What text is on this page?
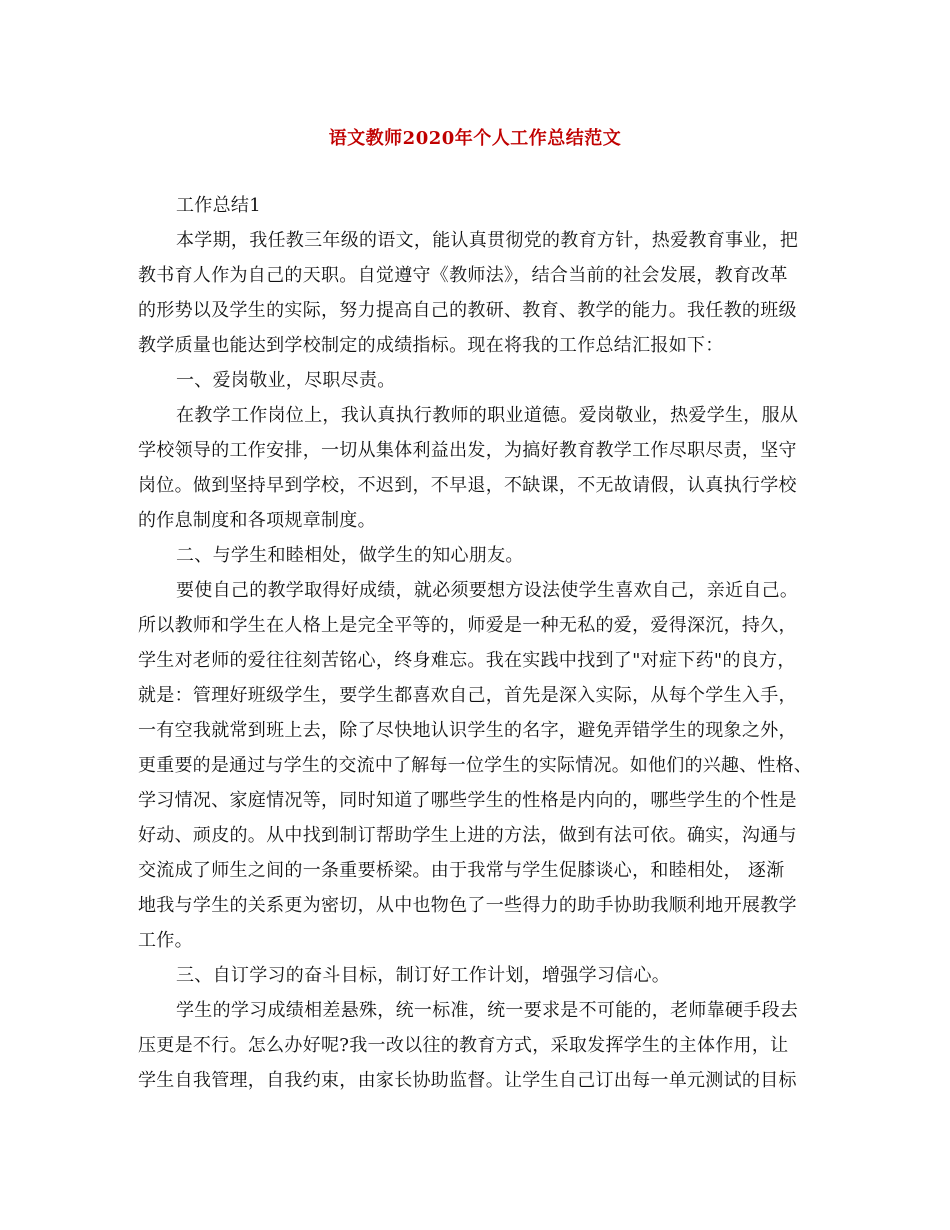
语文教师2020年个人工作总结范文
工作总结1
本学期，我任教三年级的语文，能认真贯彻党的教育方针，热爱教育事业，把
教书育人作为自己的天职。自觉遵守《教师法》，结合当前的社会发展，教育改革
的形势以及学生的实际，努力提高自己的教研、教育、教学的能力。我任教的班级
教学质量也能达到学校制定的成绩指标。现在将我的工作总结汇报如下：
一、爱岗敬业，尽职尽责。
在教学工作岗位上，我认真执行教师的职业道德。爱岗敬业，热爱学生，服从
学校领导的工作安排，一切从集体利益出发，为搞好教育教学工作尽职尽责，坚守
岗位。做到坚持早到学校，不迟到，不早退，不缺课，不无故请假，认真执行学校
的作息制度和各项规章制度。
二、与学生和睦相处，做学生的知心朋友。
要使自己的教学取得好成绩，就必须要想方设法使学生喜欢自己，亲近自己。
所以教师和学生在人格上是完全平等的，师爱是一种无私的爱，爱得深沉，持久，
学生对老师的爱往往刻苦铭心，终身难忘。我在实践中找到了"对症下药"的良方，
就是：管理好班级学生，要学生都喜欢自己，首先是深入实际，从每个学生入手，
一有空我就常到班上去，除了尽快地认识学生的名字，避免弄错学生的现象之外，
更重要的是通过与学生的交流中了解每一位学生的实际情况。如他们的兴趣、性格、
学习情况、家庭情况等，同时知道了哪些学生的性格是内向的，哪些学生的个性是
好动、顽皮的。从中找到制订帮助学生上进的方法，做到有法可依。确实，沟通与
交流成了师生之间的一条重要桥梁。由于我常与学生促膝谈心，和睦相处， 逐渐
地我与学生的关系更为密切，从中也物色了一些得力的助手协助我顺利地开展教学
工作。
三、自订学习的奋斗目标，制订好工作计划，增强学习信心。
学生的学习成绩相差悬殊，统一标准，统一要求是不可能的，老师靠硬手段去
压更是不行。怎么办好呢?我一改以往的教育方式，采取发挥学生的主体作用，让
学生自我管理，自我约束，由家长协助监督。让学生自己订出每一单元测试的目标
